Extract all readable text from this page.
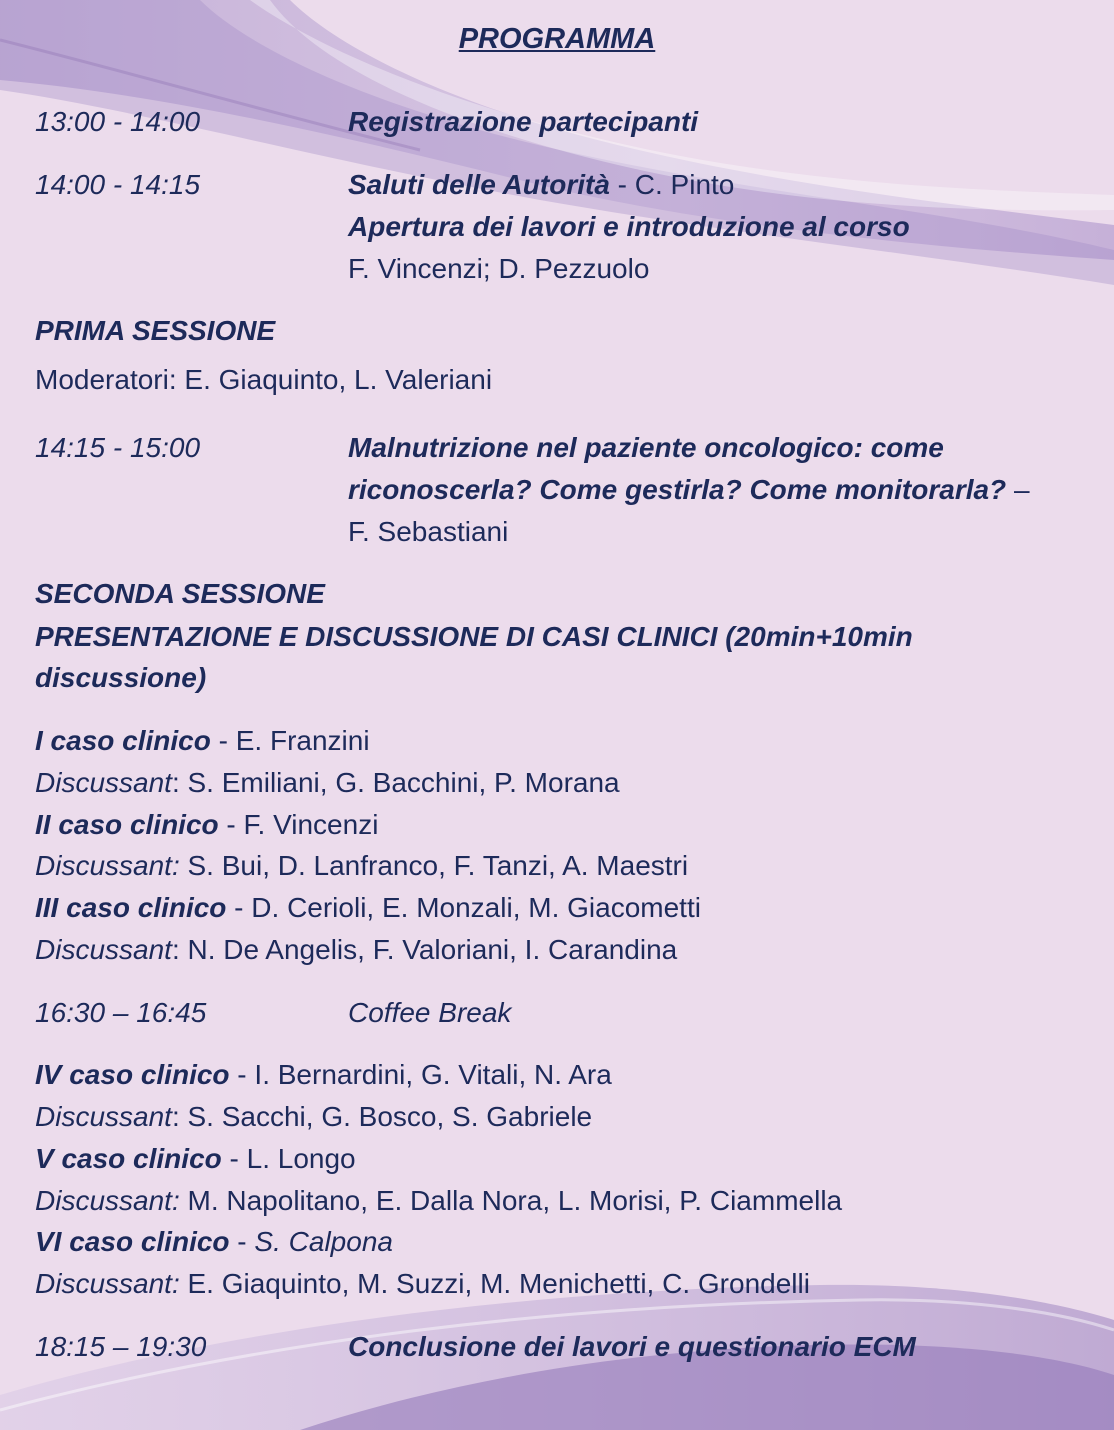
PROGRAMMA
13:00 - 14:00	Registrazione partecipanti
14:00 - 14:15	Saluti delle Autorità - C. Pinto
Apertura dei lavori e introduzione al corso
F. Vincenzi; D. Pezzuolo
PRIMA SESSIONE
Moderatori: E. Giaquinto, L. Valeriani
14:15 - 15:00	Malnutrizione nel paziente oncologico: come
riconoscerla? Come gestirla? Come monitorarla? –
F. Sebastiani
SECONDA SESSIONE
PRESENTAZIONE E DISCUSSIONE DI CASI CLINICI (20min+10min
discussione)
I caso clinico - E. Franzini
Discussant: S. Emiliani, G. Bacchini, P. Morana
II caso clinico - F. Vincenzi
Discussant: S. Bui, D. Lanfranco, F. Tanzi, A. Maestri
III caso clinico - D. Cerioli, E. Monzali, M. Giacometti
Discussant: N. De Angelis, F. Valoriani, I. Carandina
16:30 – 16:45	Coffee Break
IV caso clinico - I. Bernardini, G. Vitali, N. Ara
Discussant: S. Sacchi, G. Bosco, S. Gabriele
V caso clinico - L. Longo
Discussant: M. Napolitano, E. Dalla Nora, L. Morisi, P. Ciammella
VI caso clinico - S. Calpona
Discussant: E. Giaquinto, M. Suzzi, M. Menichetti, C. Grondelli
18:15 – 19:30	Conclusione dei lavori e questionario ECM
